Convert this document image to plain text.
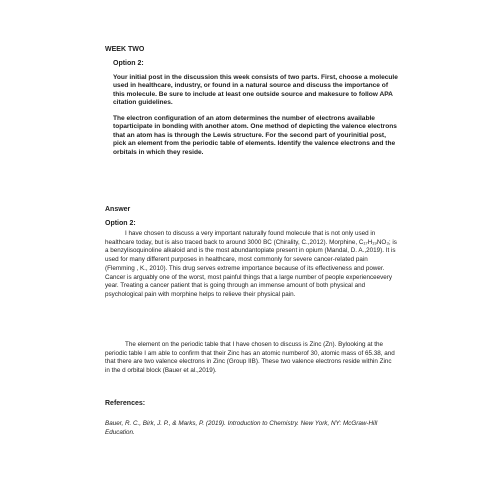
WEEK TWO

Option 2:

Your initial post in the discussion this week consists of two parts. First, choose a molecule used in healthcare, industry, or found in a natural source and discuss the importance of this molecule. Be sure to include at least one outside source and makesure to follow APA citation guidelines.

The electron configuration of an atom determines the number of electrons available toparticipate in bonding with another atom. One method of depicting the valence electrons that an atom has is through the Lewis structure. For the second part of yourinitial post, pick an element from the periodic table of elements. Identify the valence electrons and the orbitals in which they reside.

Answer

Option 2:

I have chosen to discuss a very important naturally found molecule that is not only used in healthcare today, but is also traced back to around 3000 BC (Chirality, C.,2012). Morphine, C₁₇H₁₉NO₃; is a benzylisoquinoline alkaloid and is the most abundantopiate present in opium (Mandal, D. A.,2019). It is used for many different purposes in healthcare, most commonly for severe cancer-related pain (Flemming , K., 2010). This drug serves extreme importance because of its effectiveness and power. Cancer is arguably one of the worst, most painful things that a large number of people experienceevery year. Treating a cancer patient that is going through an immense amount of both physical and psychological pain with morphine helps to relieve their physical pain.

The element on the periodic table that I have chosen to discuss is Zinc (Zn). Bylooking at the periodic table I am able to confirm that their Zinc has an atomic numberof 30, atomic mass of 65.38, and that there are two valence electrons in Zinc (Group IIB). These two valence electrons reside within Zinc in the d orbital block (Bauer et al.,2019).

References:

Bauer, R. C., Birk, J. P., & Marks, P. (2019). Introduction to Chemistry. New York, NY: McGraw-Hill Education.
